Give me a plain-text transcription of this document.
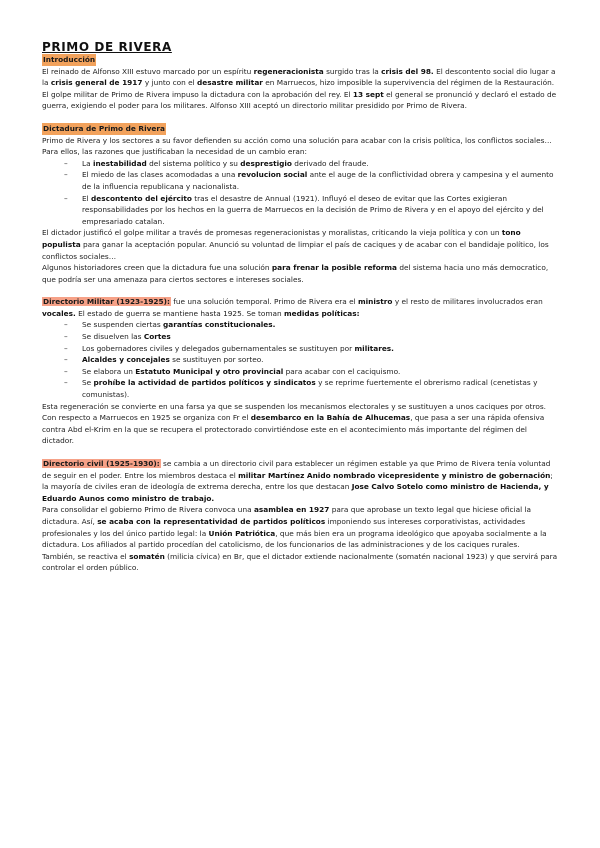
PRIMO DE RIVERA
Introducción

El reinado de Alfonso XIII estuvo marcado por un espíritu regeneracionista surgido tras la crisis del 98. El descontento social dio lugar a la crisis general de 1917 y junto con el desastre militar en Marruecos, hizo imposible la supervivencia del régimen de la Restauración.

El golpe militar de Primo de Rivera impuso la dictadura con la aprobación del rey. El 13 sept el general se pronunció y declaró el estado de guerra, exigiendo el poder para los militares. Alfonso XIII aceptó un directorio militar presidido por Primo de Rivera.

Dictadura de Primo de Rivera

Primo de Rivera y los sectores a su favor defienden su acción como una solución para acabar con la crisis política, los conflictos sociales… Para ellos, las razones que justificaban la necesidad de un cambio eran:

– La inestabilidad del sistema político y su desprestigio derivado del fraude.
– El miedo de las clases acomodadas a una revolucion social ante el auge de la conflictividad obrera y campesina y el aumento de la influencia republicana y nacionalista.
– El descontento del ejército tras el desastre de Annual (1921). Influyó el deseo de evitar que las Cortes exigieran responsabilidades por los hechos en la guerra de Marruecos en la decisión de Primo de Rivera y en el apoyo del ejército y del empresariado catalan.

El dictador justificó el golpe militar a través de promesas regeneracionistas y moralistas, criticando la vieja política y con un tono populista para ganar la aceptación popular. Anunció su voluntad de limpiar el país de caciques y de acabar con el bandidaje político, los conflictos sociales…

Algunos historiadores creen que la dictadura fue una solución para frenar la posible reforma del sistema hacia uno más democratico, que podría ser una amenaza para ciertos sectores e intereses sociales.

Directorio Militar (1923-1925): fue una solución temporal. Primo de Rivera era el ministro y el resto de militares involucrados eran vocales. El estado de guerra se mantiene hasta 1925. Se toman medidas políticas:

– Se suspenden ciertas garantías constitucionales.
– Se disuelven las Cortes
– Los gobernadores civiles y delegados gubernamentales se sustituyen por militares.
– Alcaldes y concejales se sustituyen por sorteo.
– Se elabora un Estatuto Municipal y otro provincial para acabar con el caciquismo.
– Se prohíbe la actividad de partidos políticos y sindicatos y se reprime fuertemente el obrerismo radical (cenetistas y comunistas).

Esta regeneración se convierte en una farsa ya que se suspenden los mecanismos electorales y se sustituyen a unos caciques por otros.

Con respecto a Marruecos en 1925 se organiza con Fr el desembarco en la Bahía de Alhucemas, que pasa a ser una rápida ofensiva contra Abd el-Krim en la que se recupera el protectorado convirtiéndose este en el acontecimiento más importante del régimen del dictador.

Directorio civil (1925-1930): se cambia a un directorio civil para establecer un régimen estable ya que Primo de Rivera tenía voluntad de seguir en el poder. Entre los miembros destaca el militar Martínez Anido nombrado vicepresidente y ministro de gobernación; la mayoría de civiles eran de ideología de extrema derecha, entre los que destacan Jose Calvo Sotelo como ministro de Hacienda, y Eduardo Aunos como ministro de trabajo.

Para consolidar el gobierno Primo de Rivera convoca una asamblea en 1927 para que aprobase un texto legal que hiciese oficial la dictadura. Así, se acaba con la representatividad de partidos políticos imponiendo sus intereses corporativistas, actividades profesionales y los del único partido legal: la Unión Patriótica, que más bien era un programa ideológico que apoyaba socialmente a la dictadura. Los afiliados al partido procedían del catolicismo, de los funcionarios de las administraciones y de los caciques rurales.

También, se reactiva el somatén (milicia cívica) en Br, que el dictador extiende nacionalmente (somatén nacional 1923) y que servirá para controlar el orden público.
